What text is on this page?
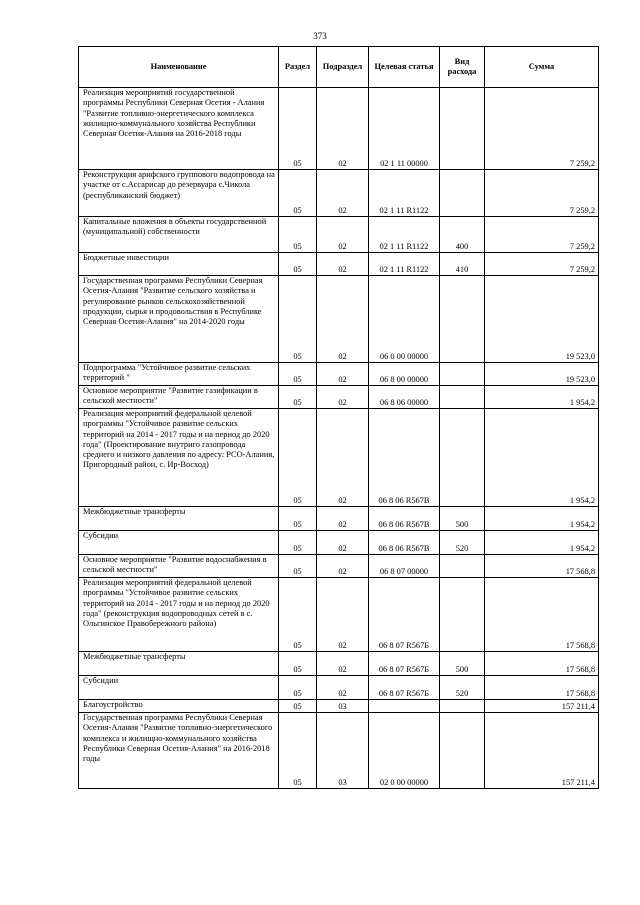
373
Наименование	Раздел	Подраздел	Целевая статья	Вид расхода	Сумма
Реализация мероприятий государственной программы Республики Северная Осетия - Алания "Развитие топливно-энергетического комплекса жилищно-коммунального хозяйства Республики Северная Осетия-Алания на 2016-2018 годы	05	02	02 1 11 00000		7 259,2
Реконструкция арифского группового водопровода на участке от с.Ассарисар до резервуара с.Чикола (республиканский бюджет)	05	02	02 1 11 R1122		7 259,2
Капитальные вложения в объекты государственной (муниципальной) собственности	05	02	02 1 11 R1122	400	7 259,2
Бюджетные инвестиции	05	02	02 1 11 R1122	410	7 259,2
Государственная программа Республики Северная Осетия-Алания "Развитие сельского хозяйства и регулирование рынков сельскохозяйственной продукции, сырья и продовольствия в Республике Северная Осетия-Алания" на 2014-2020 годы	05	02	06 0 00 00000		19 523,0
Подпрограмма "Устойчивое развитие сельских территорий "	05	02	06 8 00 00000		19 523,0
Основное мероприятие "Развитие газификации в сельской местности"	05	02	06 8 06 00000		1 954,2
Реализация мероприятий федеральной целевой программы "Устойчивое развитие сельских территорий на 2014 - 2017 годы и на период до 2020 года" (Проектирование внутриго газопровода среднего и низкого давления по адресу: РСО-Алания, Пригородный район, с. Ир-Восход)	05	02	06 8 06 R567В		1 954,2
Межбюджетные трансферты	05	02	06 8 06 R567В	500	1 954,2
Субсидии	05	02	06 8 06 R567В	520	1 954,2
Основное мероприятие "Развитие водоснабжения в сельской местности"	05	02	06 8 07 00000		17 568,8
Реализация мероприятий федеральной целевой программы "Устойчивое развитие сельских территорий на 2014 - 2017 годы и на период до 2020 года" (реконструкция водопроводных сетей в с. Ольгинское Правобережного района)	05	02	06 8 07 R567Б		17 568,8
Межбюджетные трансферты	05	02	06 8 07 R567Б	500	17 568,8
Субсидии	05	02	06 8 07 R567Б	520	17 568,8
Благоустройство	05	03			157 211,4
Государственная программа Республики Северная Осетия-Алания "Развитие топливно-энергетического комплекса и жилищно-коммунального хозяйства Республики Северная Осетия-Алания" на 2016-2018 годы	05	03	02 0 00 00000		157 211,4
